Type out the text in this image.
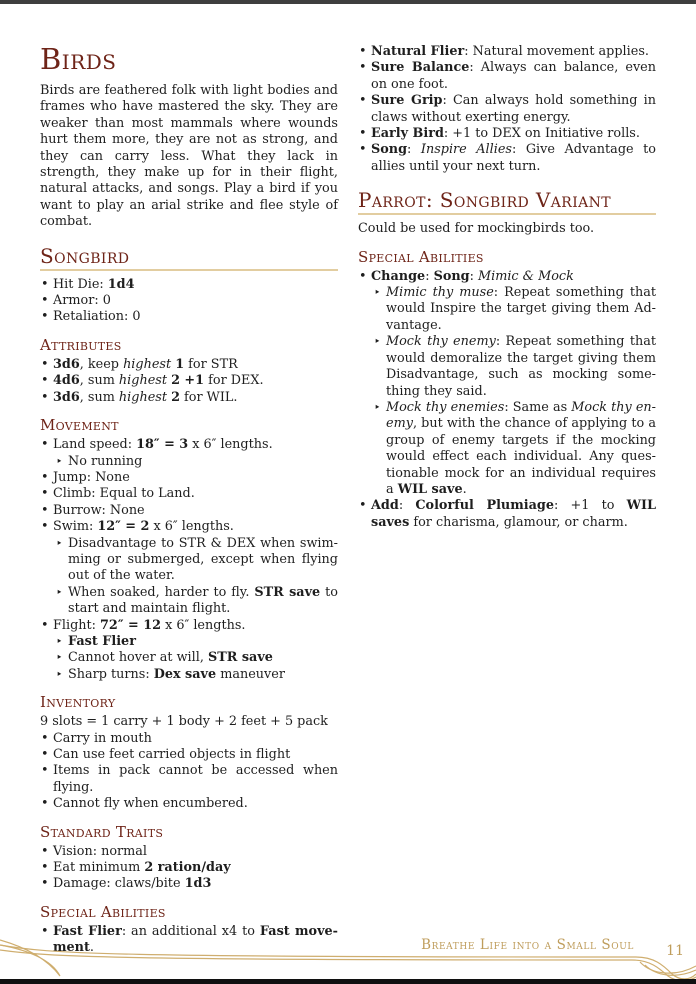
Birds
Birds are feathered folk with light bodies and frames who have mastered the sky. They are weaker than most mammals where wounds hurt them more, they are not as strong, and they can carry less. What they lack in strength, they make up for in their flight, natural attacks, and songs. Play a bird if you want to play an arial strike and flee style of combat.
Songbird
• Hit Die: 1d4
• Armor: 0
• Retaliation: 0
Attributes
• 3d6, keep highest 1 for STR
• 4d6, sum highest 2 +1 for DEX.
• 3d6, sum highest 2 for WIL.
Movement
• Land speed: 18″ = 3 x 6″ lengths.
‣ No running
• Jump: None
• Climb: Equal to Land.
• Burrow: None
• Swim: 12″ = 2 x 6″ lengths.
‣ Disadvantage to STR & DEX when swimming or submerged, except when flying out of the water.
‣ When soaked, harder to fly. STR save to start and maintain flight.
• Flight: 72″ = 12 x 6″ lengths.
‣ Fast Flier
‣ Cannot hover at will, STR save
‣ Sharp turns: Dex save maneuver
Inventory
9 slots = 1 carry + 1 body + 2 feet + 5 pack
• Carry in mouth
• Can use feet carried objects in flight
• Items in pack cannot be accessed when flying.
• Cannot fly when encumbered.
Standard Traits
• Vision: normal
• Eat minimum 2 ration/day
• Damage: claws/bite 1d3
Special Abilities
• Fast Flier: an additional x4 to Fast movement.
• Natural Flier: Natural movement applies.
• Sure Balance: Always can balance, even on one foot.
• Sure Grip: Can always hold something in claws without exerting energy.
• Early Bird: +1 to DEX on Initiative rolls.
• Song: Inspire Allies: Give Advantage to allies until your next turn.
Parrot: Songbird Variant
Could be used for mockingbirds too.
Special Abilities
• Change: Song: Mimic & Mock
‣ Mimic thy muse: Repeat something that would Inspire the target giving them Advantage.
‣ Mock thy enemy: Repeat something that would demoralize the target giving them Disadvantage, such as mocking something they said.
‣ Mock thy enemies: Same as Mock thy enemy, but with the chance of applying to a group of enemy targets if the mocking would effect each individual. Any questionable mock for an individual requires a WIL save.
• Add: Colorful Plumiage: +1 to WIL saves for charisma, glamour, or charm.
Breathe Life into a Small Soul 11
